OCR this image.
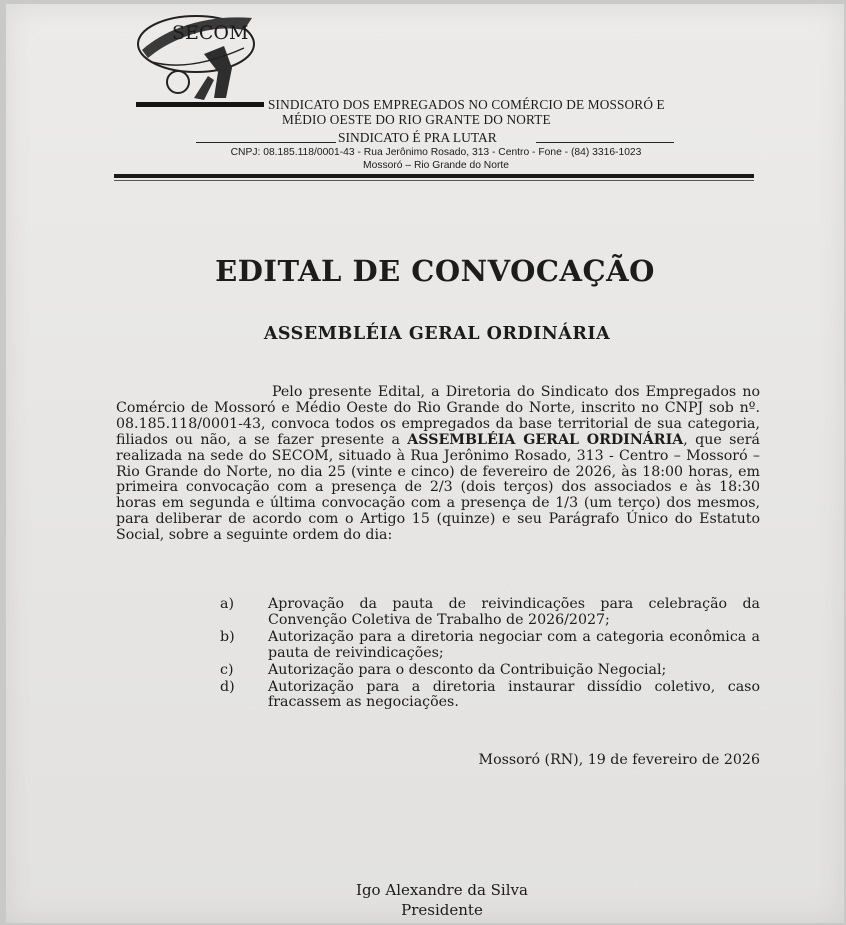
SECOM
SINDICATO DOS EMPREGADOS NO COMÉRCIO DE MOSSORÓ E
MÉDIO OESTE DO RIO GRANTE DO NORTE
SINDICATO É PRA LUTAR
CNPJ: 08.185.118/0001-43 - Rua Jerônimo Rosado, 313 - Centro - Fone - (84) 3316-1023
Mossoró – Rio Grande do Norte
EDITAL DE CONVOCAÇÃO
ASSEMBLÉIA GERAL ORDINÁRIA
Pelo presente Edital, a Diretoria do Sindicato dos Empregados no Comércio de Mossoró e Médio Oeste do Rio Grande do Norte, inscrito no CNPJ sob nº. 08.185.118/0001-43, convoca todos os empregados da base territorial de sua categoria, filiados ou não, a se fazer presente a ASSEMBLÉIA GERAL ORDINÁRIA, que será realizada na sede do SECOM, situado à Rua Jerônimo Rosado, 313 - Centro – Mossoró – Rio Grande do Norte, no dia 25 (vinte e cinco) de fevereiro de 2026, às 18:00 horas, em primeira convocação com a presença de 2/3 (dois terços) dos associados e às 18:30 horas em segunda e última convocação com a presença de 1/3 (um terço) dos mesmos, para deliberar de acordo com o Artigo 15 (quinze) e seu Parágrafo Único do Estatuto Social, sobre a seguinte ordem do dia:
a)	Aprovação da pauta de reivindicações para celebração da Convenção Coletiva de Trabalho de 2026/2027;
b)	Autorização para a diretoria negociar com a categoria econômica a pauta de reivindicações;
c)	Autorização para o desconto da Contribuição Negocial;
d)	Autorização para a diretoria instaurar dissídio coletivo, caso fracassem as negociações.
Mossoró (RN), 19 de fevereiro de 2026
Igo Alexandre da Silva
Presidente
